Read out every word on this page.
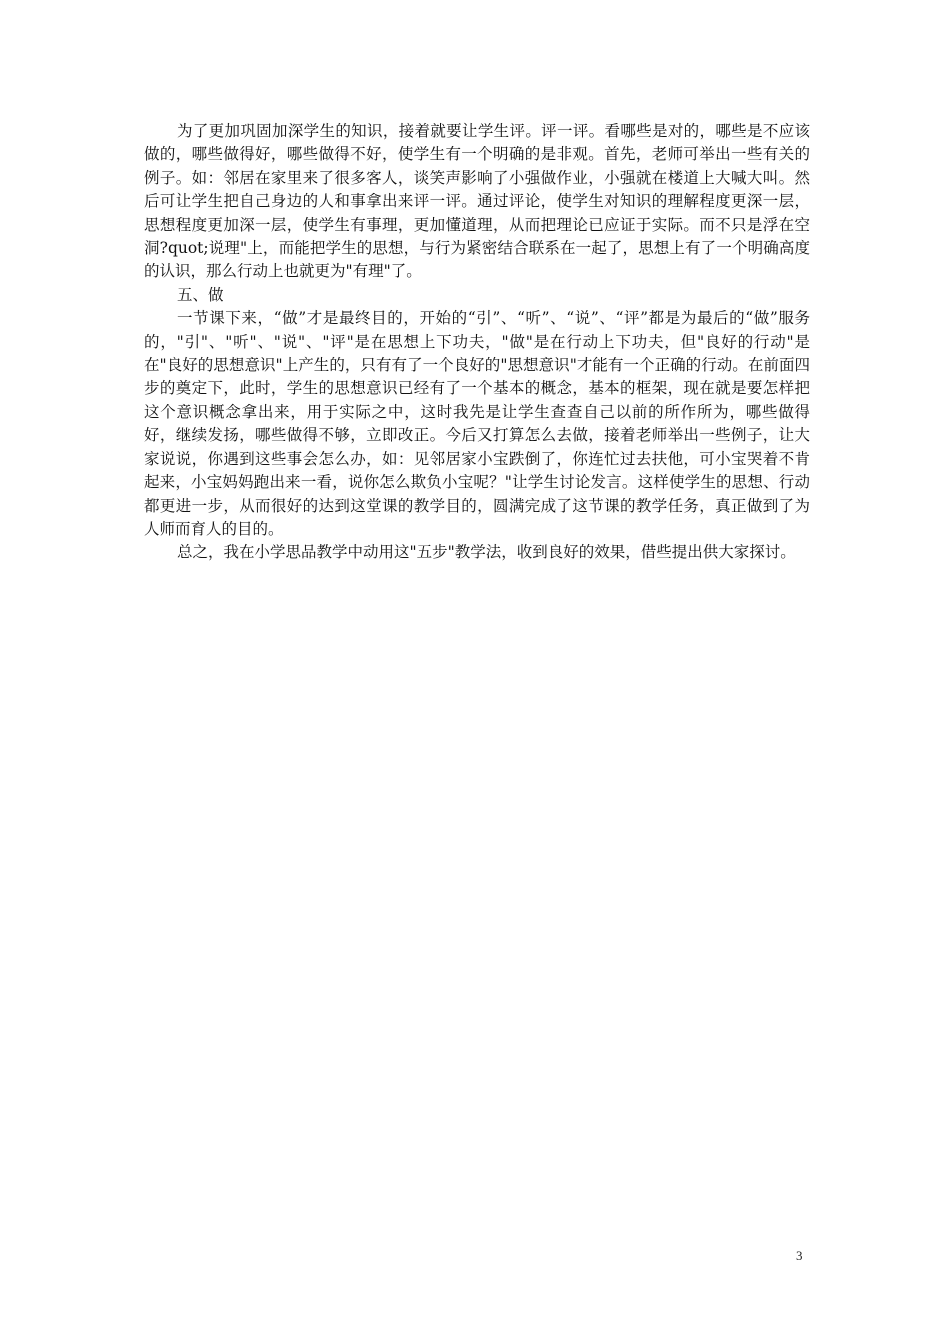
为了更加巩固加深学生的知识，接着就要让学生评。评一评。看哪些是对的，哪些是不应该做的，哪些做得好，哪些做得不好，使学生有一个明确的是非观。首先，老师可举出一些有关的例子。如：邻居在家里来了很多客人，谈笑声影响了小强做作业，小强就在楼道上大喊大叫。然后可让学生把自己身边的人和事拿出来评一评。通过评论，使学生对知识的理解程度更深一层，思想程度更加深一层，使学生有事理，更加懂道理，从而把理论已应证于实际。而不只是浮在空洞?quot;说理"上，而能把学生的思想，与行为紧密结合联系在一起了，思想上有了一个明确高度的认识，那么行动上也就更为"有理"了。

五、做

一节课下来，“做”才是最终目的，开始的“引”、“听”、“说”、“评”都是为最后的“做”服务的，"引"、"听"、"说"、"评"是在思想上下功夫，"做"是在行动上下功夫，但"良好的行动"是在"良好的思想意识"上产生的，只有有了一个良好的"思想意识"才能有一个正确的行动。在前面四步的奠定下，此时，学生的思想意识已经有了一个基本的概念，基本的框架，现在就是要怎样把这个意识概念拿出来，用于实际之中，这时我先是让学生查查自己以前的所作所为，哪些做得好，继续发扬，哪些做得不够，立即改正。今后又打算怎么去做，接着老师举出一些例子，让大家说说，你遇到这些事会怎么办，如：见邻居家小宝跌倒了，你连忙过去扶他，可小宝哭着不肯起来，小宝妈妈跑出来一看，说你怎么欺负小宝呢？"让学生讨论发言。这样使学生的思想、行动都更进一步，从而很好的达到这堂课的教学目的，圆满完成了这节课的教学任务，真正做到了为人师而育人的目的。

总之，我在小学思品教学中动用这"五步"教学法，收到良好的效果，借些提出供大家探讨。

3
